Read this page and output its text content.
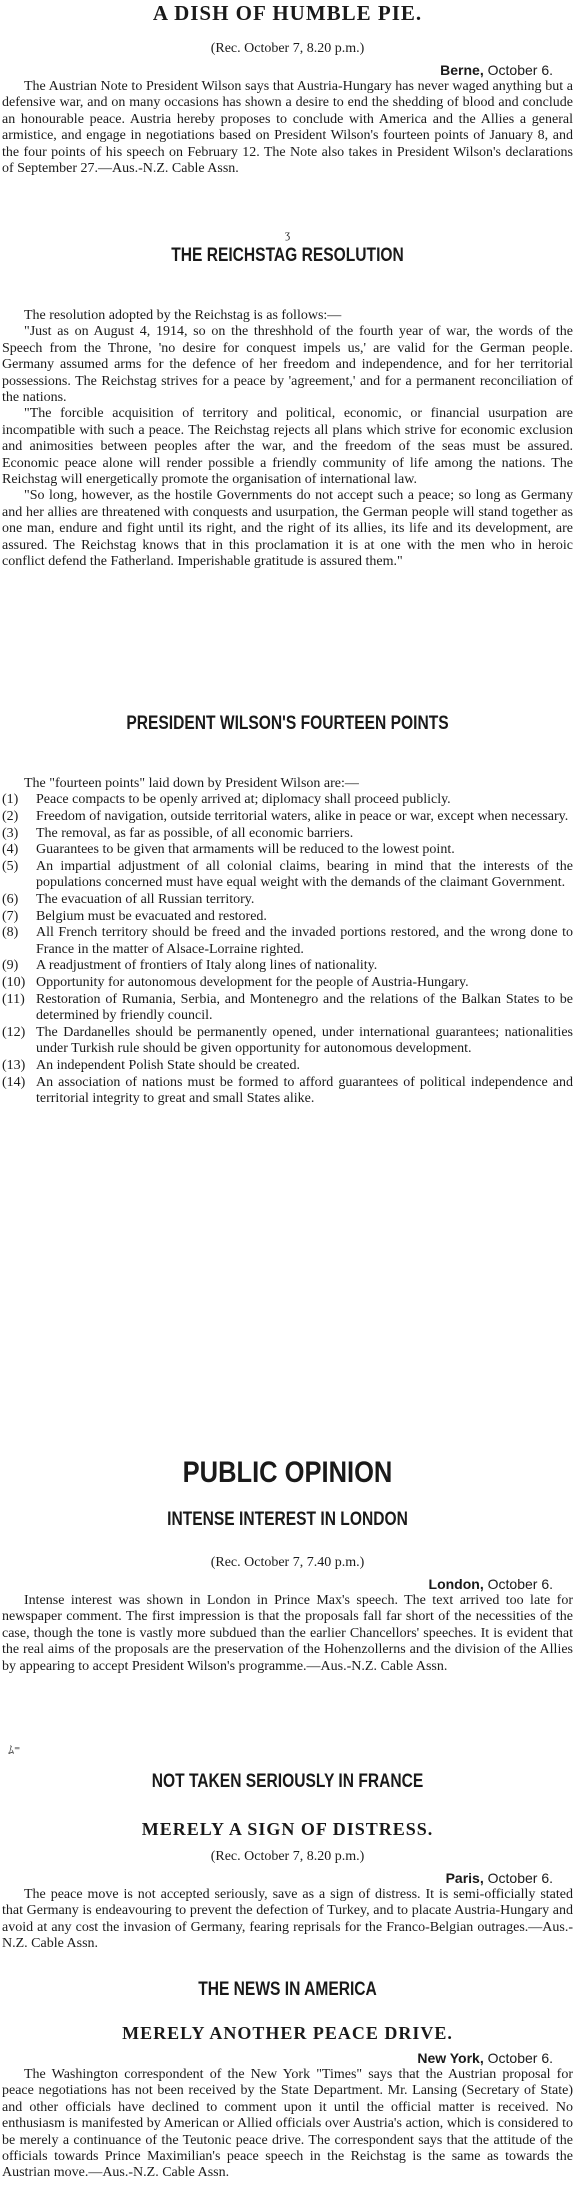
A DISH OF HUMBLE PIE.
(Rec. October 7, 8.20 p.m.)
Berne, October 6.

The Austrian Note to President Wilson says that Austria-Hungary has never waged anything but a defensive war, and on many occasions has shown a desire to end the shedding of blood and conclude an honourable peace. Austria hereby proposes to conclude with America and the Allies a general armistice, and engage in negotiations based on President Wilson's fourteen points of January 8, and the four points of his speech on February 12. The Note also takes in President Wilson's declarations of September 27.—Aus.-N.Z. Cable Assn.

ʒ
THE REICHSTAG RESOLUTION

The resolution adopted by the Reichstag is as follows:—

"Just as on August 4, 1914, so on the threshhold of the fourth year of war, the words of the Speech from the Throne, 'no desire for conquest impels us,' are valid for the German people. Germany assumed arms for the defence of her freedom and independence, and for her territorial possessions. The Reichstag strives for a peace by 'agreement,' and for a permanent reconciliation of the nations.

"The forcible acquisition of territory and political, economic, or financial usurpation are incompatible with such a peace. The Reichstag rejects all plans which strive for economic exclusion and animosities between peoples after the war, and the freedom of the seas must be assured. Economic peace alone will render possible a friendly community of life among the nations. The Reichstag will energetically promote the organisation of international law.

"So long, however, as the hostile Governments do not accept such a peace; so long as Germany and her allies are threatened with conquests and usurpation, the German people will stand together as one man, endure and fight until its right, and the right of its allies, its life and its development, are assured. The Reichstag knows that in this proclamation it is at one with the men who in heroic conflict defend the Fatherland. Imperishable gratitude is assured them."

PRESIDENT WILSON'S FOURTEEN POINTS

The "fourteen points" laid down by President Wilson are:—

(1)	Peace compacts to be openly arrived at; diplomacy shall proceed publicly.
(2)	Freedom of navigation, outside territorial waters, alike in peace or war, except when necessary.
(3)	The removal, as far as possible, of all economic barriers.
(4)	Guarantees to be given that armaments will be reduced to the lowest point.
(5)	An impartial adjustment of all colonial claims, bearing in mind that the interests of the populations concerned must have equal weight with the demands of the claimant Government.
(6)	The evacuation of all Russian territory.
(7)	Belgium must be evacuated and restored.
(8)	All French territory should be freed and the invaded portions restored, and the wrong done to France in the matter of Alsace-Lorraine righted.
(9)	A readjustment of frontiers of Italy along lines of nationality.
(10) Opportunity for autonomous development for the people of Austria-Hungary.
(11) Restoration of Rumania, Serbia, and Montenegro and the relations of the Balkan States to be determined by friendly council.
(12) The Dardanelles should be permanently opened, under international guarantees; nationalities under Turkish rule should be given opportunity for autonomous development.
(13) An independent Polish State should be created.
(14) An association of nations must be formed to afford guarantees of political independence and territorial integrity to great and small States alike.
PUBLIC OPINION
INTENSE INTEREST IN LONDON
(Rec. October 7, 7.40 p.m.)
London, October 6.

Intense interest was shown in London in Prince Max's speech. The text arrived too late for newspaper comment. The first impression is that the proposals fall far short of the necessities of the case, though the tone is vastly more subdued than the earlier Chancellors' speeches. It is evident that the real aims of the proposals are the preservation of the Hohenzollerns and the division of the Allies by appearing to accept President Wilson's programme.—Aus.-N.Z. Cable Assn.

ﾑ⁼
NOT TAKEN SERIOUSLY IN FRANCE
MERELY A SIGN OF DISTRESS.
(Rec. October 7, 8.20 p.m.)
Paris, October 6.

The peace move is not accepted seriously, save as a sign of distress. It is semi-officially stated that Germany is endeavouring to prevent the defection of Turkey, and to placate Austria-Hungary and avoid at any cost the invasion of Germany, fearing reprisals for the Franco-Belgian outrages.—Aus.-N.Z. Cable Assn.

THE NEWS IN AMERICA
MERELY ANOTHER PEACE DRIVE.
New York, October 6.

The Washington correspondent of the New York "Times" says that the Austrian proposal for peace negotiations has not been received by the State Department. Mr. Lansing (Secretary of State) and other officials have declined to comment upon it until the official matter is received. No enthusiasm is manifested by American or Allied officials over Austria's action, which is considered to be merely a continuance of the Teutonic peace drive. The correspondent says that the attitude of the officials towards Prince Maximilian's peace speech in the Reichstag is the same as towards the Austrian move.—Aus.-N.Z. Cable Assn.
